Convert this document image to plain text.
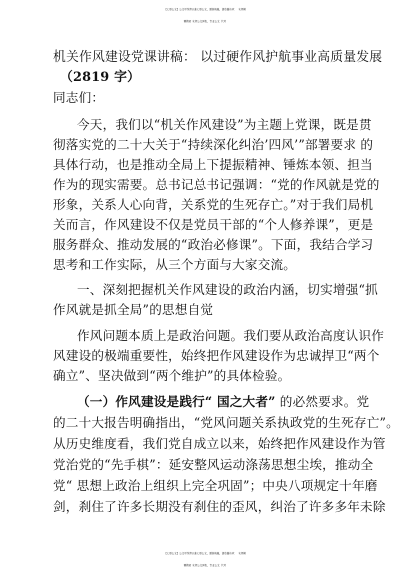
【七哥公文】公文写作请认准七哥公文，谨防被骗，浏览器访问：  支持模
糊搜索 支持公文润色，专业公文  代写
机关作风建设党课讲稿： 以过硬作风护航事业高质量发展
（2819 字）
同志们：
今天，我们以“机关作风建设”为主题上党课，既是贯
彻落实党的二十大关于“持续深化纠治’四风’”部署要求 的
具体行动，也是推动全局上下提振精神、锤炼本领、担当
作为的现实需要。总书记总书记强调：“党的作风就是党的
形象，关系人心向背，关系党的生死存亡。”对于我们局机
关而言，作风建设不仅是党员干部的“个人修养课”，更是
服务群众、推动发展的“政治必修课”。下面，我结合学习
思考和工作实际，从三个方面与大家交流。
一、深刻把握机关作风建设的政治内涵，切实增强“抓
作风就是抓全局”的思想自觉
作风问题本质上是政治问题。我们要从政治高度认识作
风建设的极端重要性，始终把作风建设作为忠诚捍卫“两个
确立”、坚决做到“两个维护”的具体检验。
（一）作风建设是践行“ 国之大者” 的必然要求。党
的二十大报告明确指出，“党风问题关系执政党的生死存亡”。
从历史维度看，我们党自成立以来，始终把作风建设作为管
党治党的“先手棋”：延安整风运动涤荡思想尘埃，推动全
党“ 思想上政治上组织上完全巩固”；中央八项规定十年磨
剑，刹住了许多长期没有刹住的歪风，纠治了许多多年未除
【七哥公文】公文写作请认准七哥公文，谨防被骗，浏览器访问：  支持模
糊搜索 支持公文润色，专业公文  代写
